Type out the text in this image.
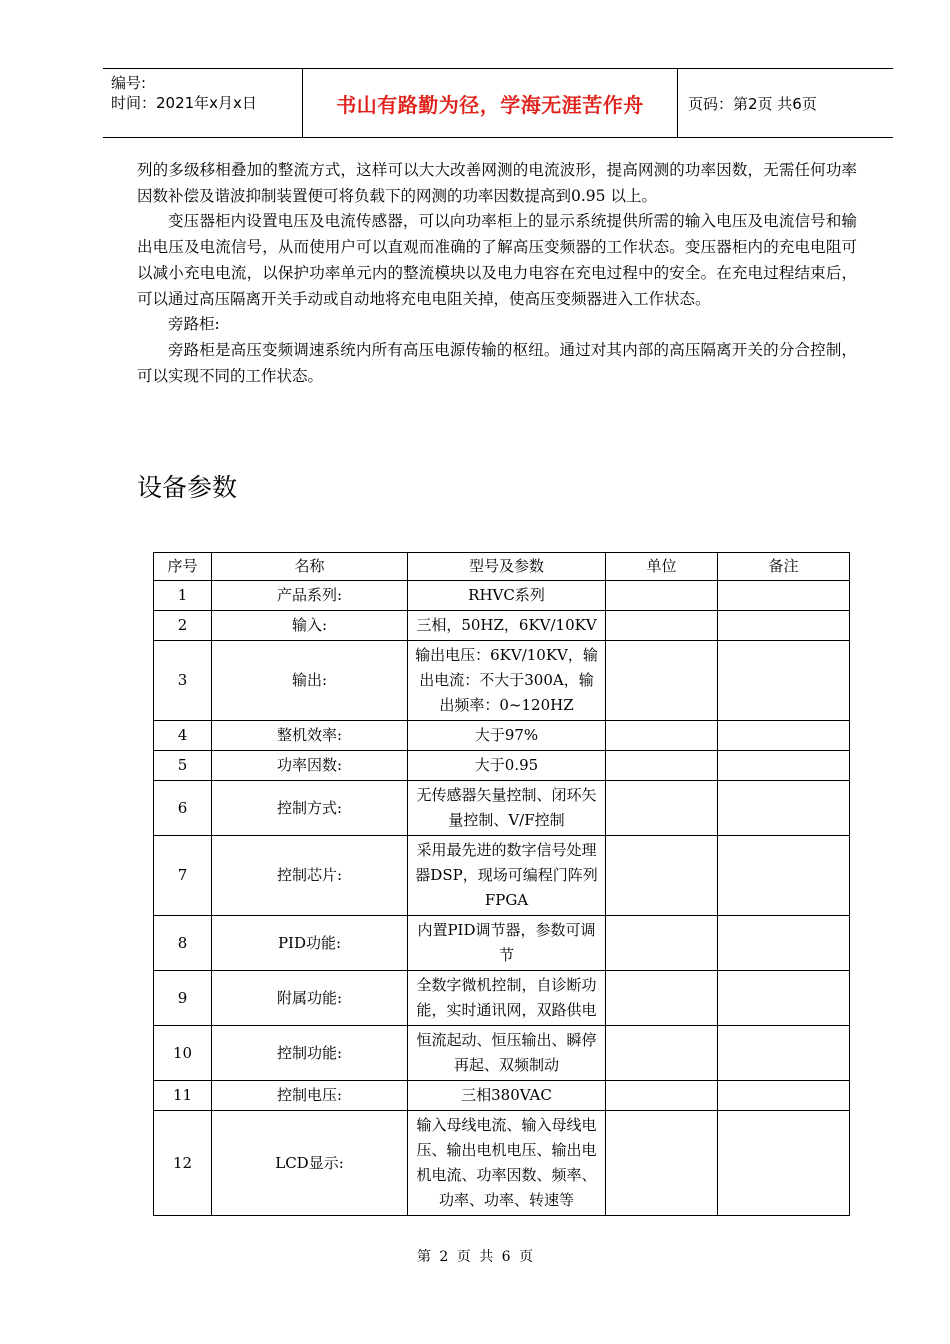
编号:
时间：2021年x月x日	书山有路勤为径，学海无涯苦作舟	页码：第2页 共6页

列的多级移相叠加的整流方式，这样可以大大改善网测的电流波形，提高网测的功率因数，无需任何功率因数补偿及谐波抑制装置便可将负载下的网测的功率因数提高到0.95 以上。

变压器柜内设置电压及电流传感器，可以向功率柜上的显示系统提供所需的输入电压及电流信号和输出电压及电流信号，从而使用户可以直观而准确的了解高压变频器的工作状态。变压器柜内的充电电阻可以减小充电电流，以保护功率单元内的整流模块以及电力电容在充电过程中的安全。在充电过程结束后，可以通过高压隔离开关手动或自动地将充电电阻关掉，使高压变频器进入工作状态。

旁路柜:

旁路柜是高压变频调速系统内所有高压电源传输的枢纽。通过对其内部的高压隔离开关的分合控制，可以实现不同的工作状态。

设备参数
序号	名称	型号及参数	单位	备注
1	产品系列:	RHVC系列		
2	输入:	三相，50HZ，6KV/10KV		
3	输出:	输出电压：6KV/10KV，输出电流：不大于300A，输出频率：0~120HZ		
4	整机效率:	大于97%		
5	功率因数:	大于0.95		
6	控制方式:	无传感器矢量控制、闭环矢量控制、V/F控制		
7	控制芯片:	采用最先进的数字信号处理器DSP，现场可编程门阵列FPGA		
8	PID功能:	内置PID调节器，参数可调节		
9	附属功能:	全数字微机控制，自诊断功能，实时通讯网，双路供电		
10	控制功能:	恒流起动、恒压输出、瞬停再起、双频制动		
11	控制电压:	三相380VAC		
12	LCD显示:	输入母线电流、输入母线电压、输出电机电压、输出电机电流、功率因数、频率、功率、功率、转速等		
第 2 页 共 6 页
